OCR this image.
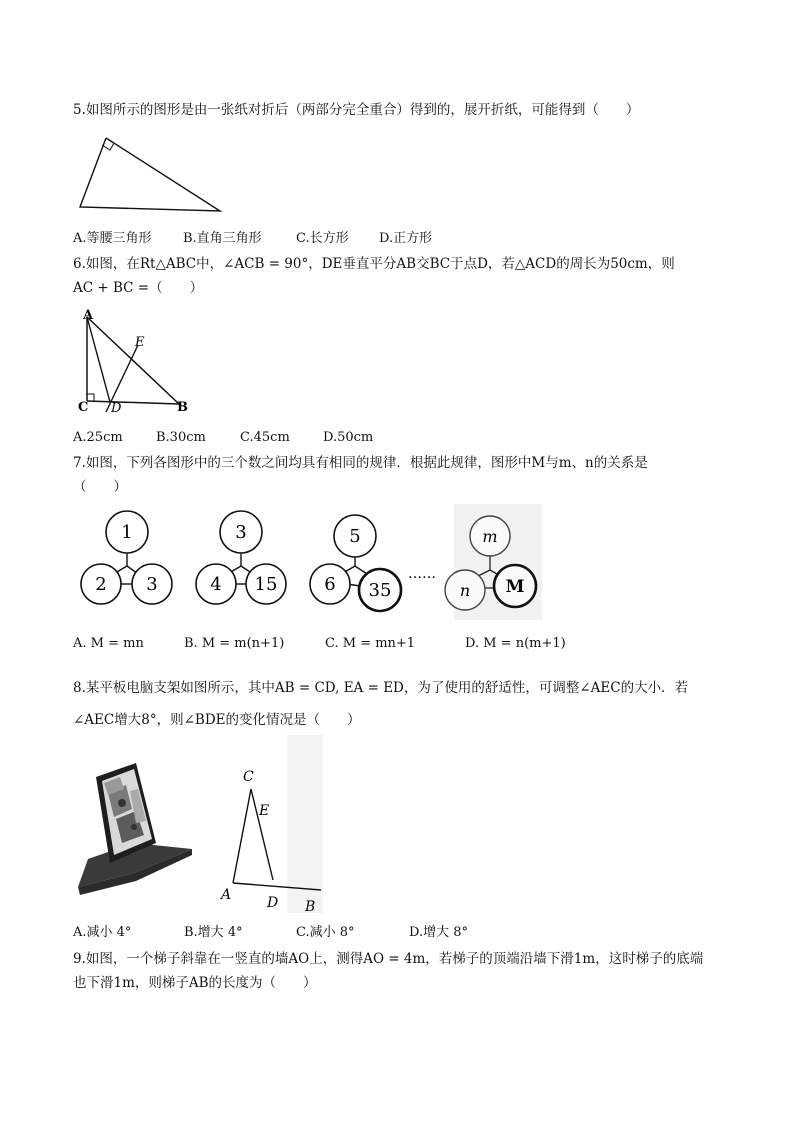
5.如图所示的图形是由一张纸对折后（两部分完全重合）得到的，展开折纸，可能得到（　　）
A.等腰三角形 B.直角三角形	C.长方形 D.正方形
6.如图，在Rt△ABC中，∠ACB = 90°，DE垂直平分AB交BC于点D，若△ACD的周长为50cm，则
AC + BC =（　　）
A
E
C D	B
A.25cm	B.30cm	C.45cm	D.50cm
7.如图，下列各图形中的三个数之间均具有相同的规律．根据此规律，图形中M与m、n的关系是
（　　）
1
2 3
3
4 15
5
6 35
……
m
n M
A. M = mn	B. M = m(n+1)	C. M = mn+1	D. M = n(m+1)
8.某平板电脑支架如图所示，其中AB = CD, EA = ED，为了使用的舒适性，可调整∠AEC的大小．若
∠AEC增大8°，则∠BDE的变化情况是（　　）
C
E
A	D B
A.减小 4°	B.增大 4°	C.减小 8°	D.增大 8°
9.如图，一个梯子斜靠在一竖直的墙AO上，测得AO = 4m，若梯子的顶端沿墙下滑1m，这时梯子的底端
也下滑1m，则梯子AB的长度为（　　）
